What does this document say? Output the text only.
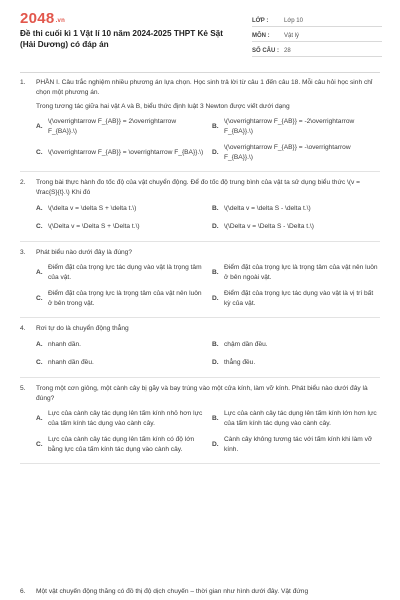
2048.vn
Đề thi cuối kì 1 Vật lí 10 năm 2024-2025 THPT Kẻ Sặt (Hải Dương) có đáp án
LỚP :	Lớp 10
MÔN :	Vật lý
SỐ CÂU : 28
1. PHẦN I. Câu trắc nghiệm nhiều phương án lựa chọn. Học sinh trả lời từ câu 1 đến câu 18. Mỗi câu hỏi học sinh chỉ chọn một phương án.
Trong tương tác giữa hai vật A và B, biểu thức định luật 3 Newton được viết dưới dạng
A.
\(\overrightarrow F_{AB}} = 2\overrightarrow F_{BA}}.\)
B.
\(\overrightarrow F_{AB}} = -2\overrightarrow F_{BA}}.\)
C. \(\overrightarrow F_{AB}} = \overrightarrow F_{BA}}.\) D.
\(\overrightarrow F_{AB}} = -\overrightarrow F_{BA}}.\)
2. Trong bài thực hành đo tốc độ của vật chuyển động. Để đo tốc độ trung bình của vật ta sử dụng biểu thức \(v = \frac{S}{t}.\) Khi đó
A. \(\delta v = \delta S + \delta t.\)	B. \(\delta v = \delta S - \delta t.\)
C. \(\Delta v = \Delta S + \Delta t.\)	D. \(\Delta v = \Delta S - \Delta t.\)
3. Phát biểu nào dưới đây là đúng?
A.
Điểm đặt của trọng lực tác dụng vào vật là trọng tâm của vật.
B.
Điểm đặt của trọng lực là trọng tâm của vật nên luôn ở bên ngoài vật.
C.
Điểm đặt của trọng lực là trọng tâm của vật nên luôn ở bên trong vật.
D.
Điểm đặt của trọng lực tác dụng vào vật là vị trí bất kỳ của vật.
4. Rơi tự do là chuyển động thẳng
A. nhanh dần.	B. chậm dần đều.
C. nhanh dần đều.	D. thẳng đều.
5. Trong một cơn giông, một cành cây bị gãy và bay trúng vào một cửa kính, làm vỡ kính. Phát biểu nào dưới đây là đúng?
A.
Lực của cành cây tác dụng lên tấm kính nhỏ hơn lực của tấm kính tác dụng vào cành cây.
B.
Lực của cành cây tác dụng lên tấm kính lớn hơn lực của tấm kính tác dụng vào cành cây.
C.
Lực của cành cây tác dụng lên tấm kính có độ lớn bằng lực của tấm kính tác dụng vào cành cây.
D.
Cành cây không tương tác với tấm kính khi làm vỡ kính.
6. Một vật chuyển động thẳng có đồ thị độ dịch chuyển – thời gian như hình dưới đây. Vật đứng
